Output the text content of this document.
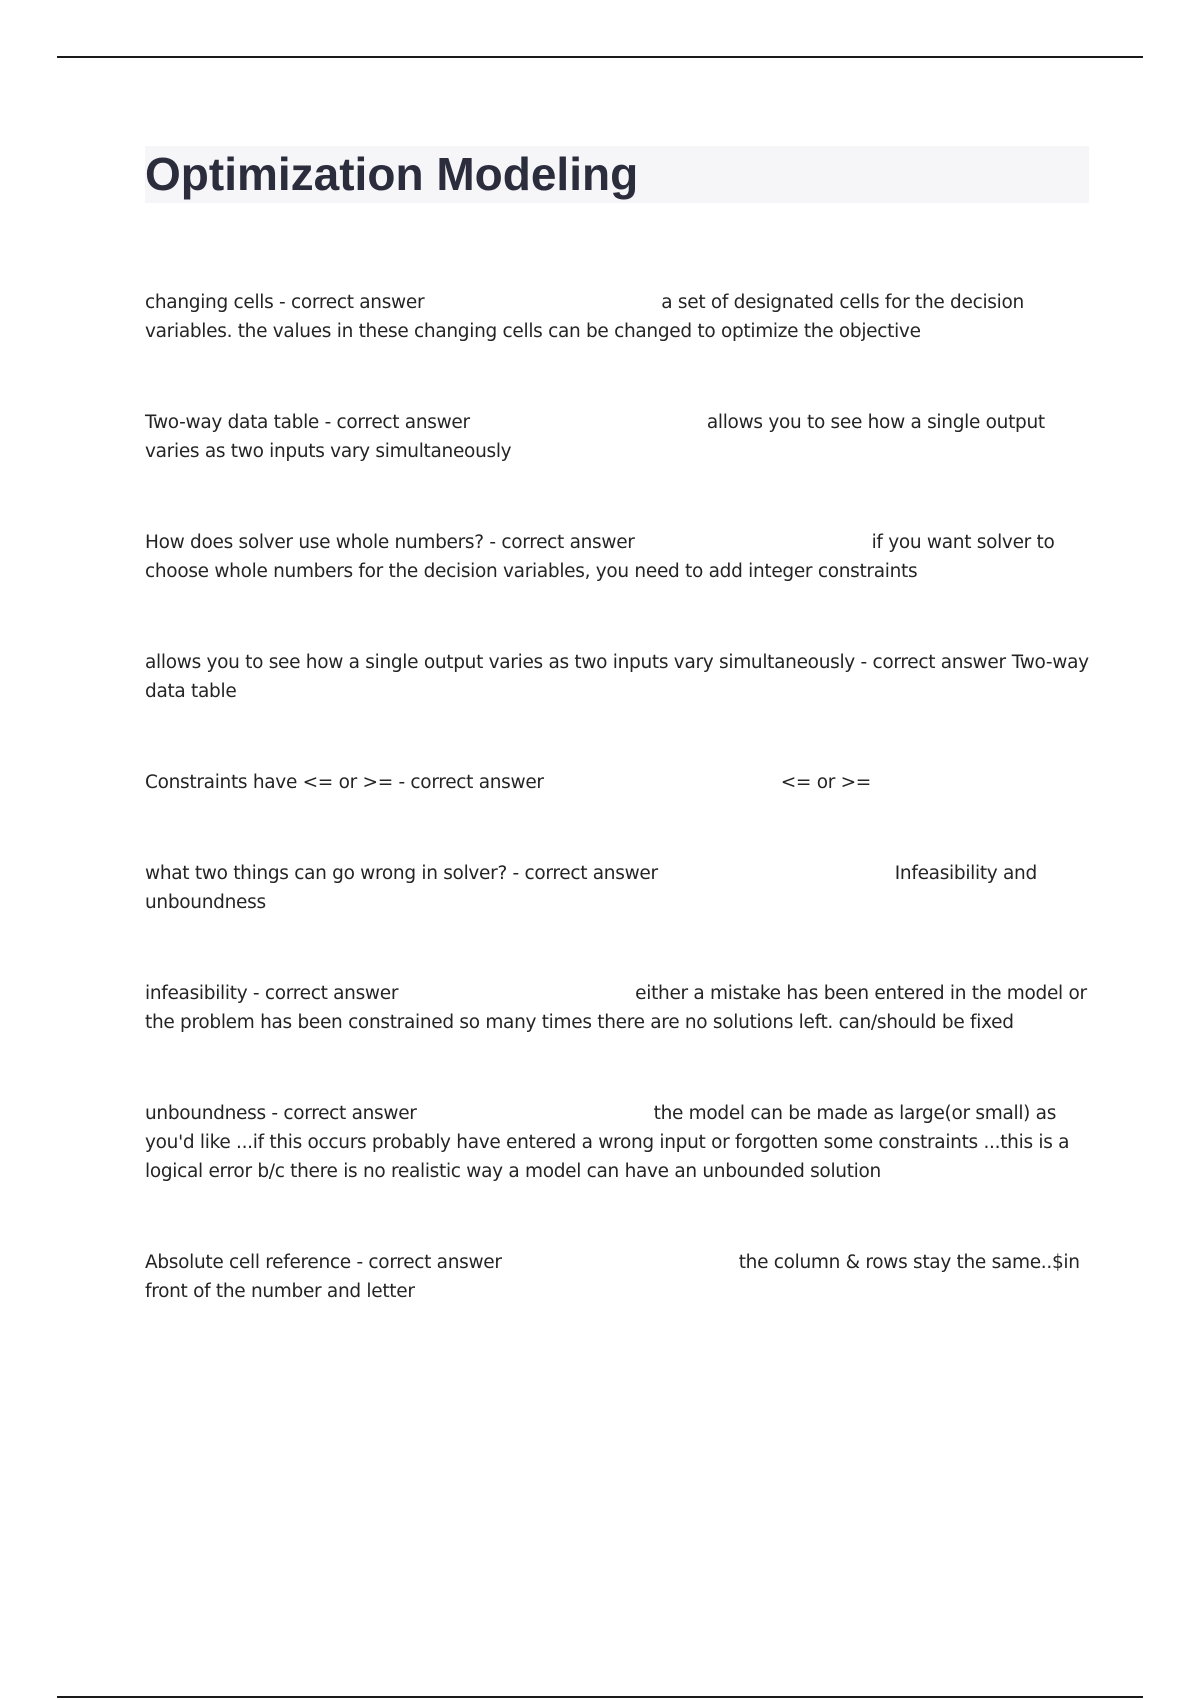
Optimization Modeling

changing cells - correct answer	a set of designated cells for the decision variables. the values in these changing cells can be changed to optimize the objective

Two-way data table - correct answer	allows you to see how a single output varies as two inputs vary simultaneously

How does solver use whole numbers? - correct answer	if you want solver to choose whole numbers for the decision variables, you need to add integer constraints

allows you to see how a single output varies as two inputs vary simultaneously - correct answer Two-way data table

Constraints have <= or >= - correct answer	<= or >=

what two things can go wrong in solver? - correct answer	Infeasibility and unboundness

infeasibility - correct answer	either a mistake has been entered in the model or the problem has been constrained so many times there are no solutions left. can/should be fixed

unboundness - correct answer	the model can be made as large(or small) as you'd like ...if this occurs probably have entered a wrong input or forgotten some constraints ...this is a logical error b/c there is no realistic way a model can have an unbounded solution

Absolute cell reference - correct answer	the column & rows stay the same..$in front of the number and letter
